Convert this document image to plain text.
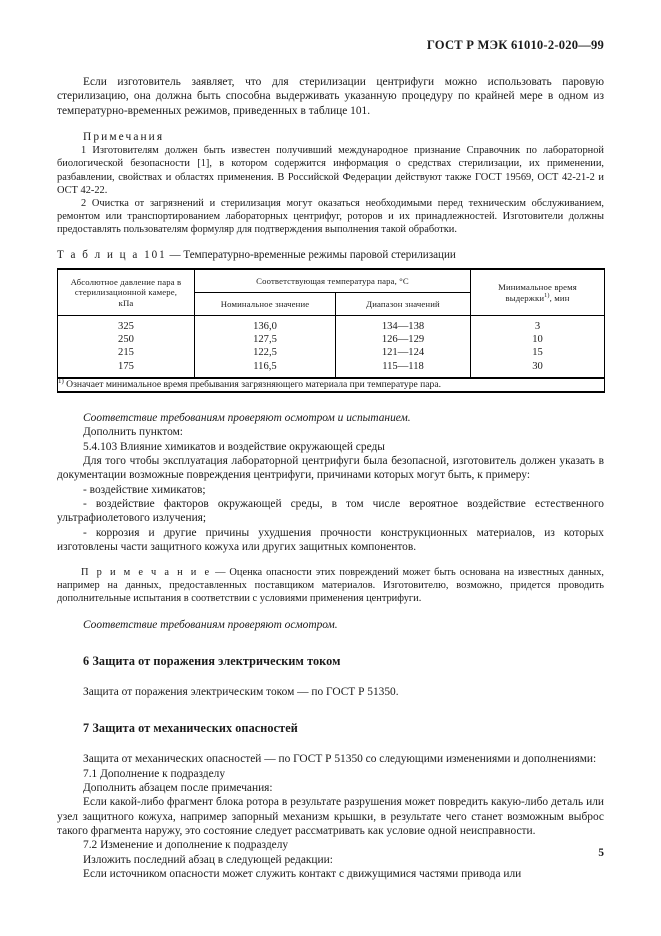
ГОСТ Р МЭК 61010-2-020—99

Если изготовитель заявляет, что для стерилизации центрифуги можно использовать паровую стерилизацию, она должна быть способна выдерживать указанную процедуру по крайней мере в одном из температурно-временных режимов, приведенных в таблице 101.

Примечания

1 Изготовителям должен быть известен получивший международное признание Справочник по лабораторной биологической безопасности [1], в котором содержится информация о средствах стерилизации, их применении, разбавлении, свойствах и областях применения. В Российской Федерации действуют также ГОСТ 19569, ОСТ 42-21-2 и ОСТ 42-22.

2 Очистка от загрязнений и стерилизация могут оказаться необходимыми перед техническим обслуживанием, ремонтом или транспортированием лабораторных центрифуг, роторов и их принадлежностей. Изготовители должны предоставлять пользователям формуляр для подтверждения выполнения такой обработки.

Т а б л и ц а 101 — Температурно-временные режимы паровой стерилизации

Абсолютное давление пара в
стерилизационной камере,
кПа	Соответствующая температура пара, °С		Минимальное время
выдержки$^{1)}$, мин
	Номинальное значение	Диапазон значений	
325	136,0	134—138	3
250	127,5	126—129	10
215	122,5	121—124	15
175	116,5	115—118	30
$^{1)}$ Означает минимальное время пребывания загрязняющего материала при температуре пара.			

Соответствие требованиям проверяют осмотром и испытанием.

Дополнить пунктом:

5.4.103 Влияние химикатов и воздействие окружающей среды

Для того чтобы эксплуатация лабораторной центрифуги была безопасной, изготовитель должен указать в документации возможные повреждения центрифуги, причинами которых могут быть, к примеру:

- воздействие химикатов;

- воздействие факторов окружающей среды, в том числе вероятное воздействие естественного ультрафиолетового излучения;

- коррозия и другие причины ухудшения прочности конструкционных материалов, из которых изготовлены части защитного кожуха или других защитных компонентов.

П р и м е ч а н и е — Оценка опасности этих повреждений может быть основана на известных данных, например на данных, предоставленных поставщиком материалов. Изготовителю, возможно, придется проводить дополнительные испытания в соответствии с условиями применения центрифуги.

Соответствие требованиям проверяют осмотром.

6 Защита от поражения электрическим током

Защита от поражения электрическим током — по ГОСТ Р 51350.

7 Защита от механических опасностей

Защита от механических опасностей — по ГОСТ Р 51350 со следующими изменениями и дополнениями:

7.1 Дополнение к подразделу

Дополнить абзацем после примечания:

Если какой-либо фрагмент блока ротора в результате разрушения может повредить какую-либо деталь или узел защитного кожуха, например запорный механизм крышки, в результате чего станет возможным выброс такого фрагмента наружу, это состояние следует рассматривать как условие одной неисправности.

7.2 Изменение и дополнение к подразделу

Изложить последний абзац в следующей редакции:

Если источником опасности может служить контакт с движущимися частями привода или

5
